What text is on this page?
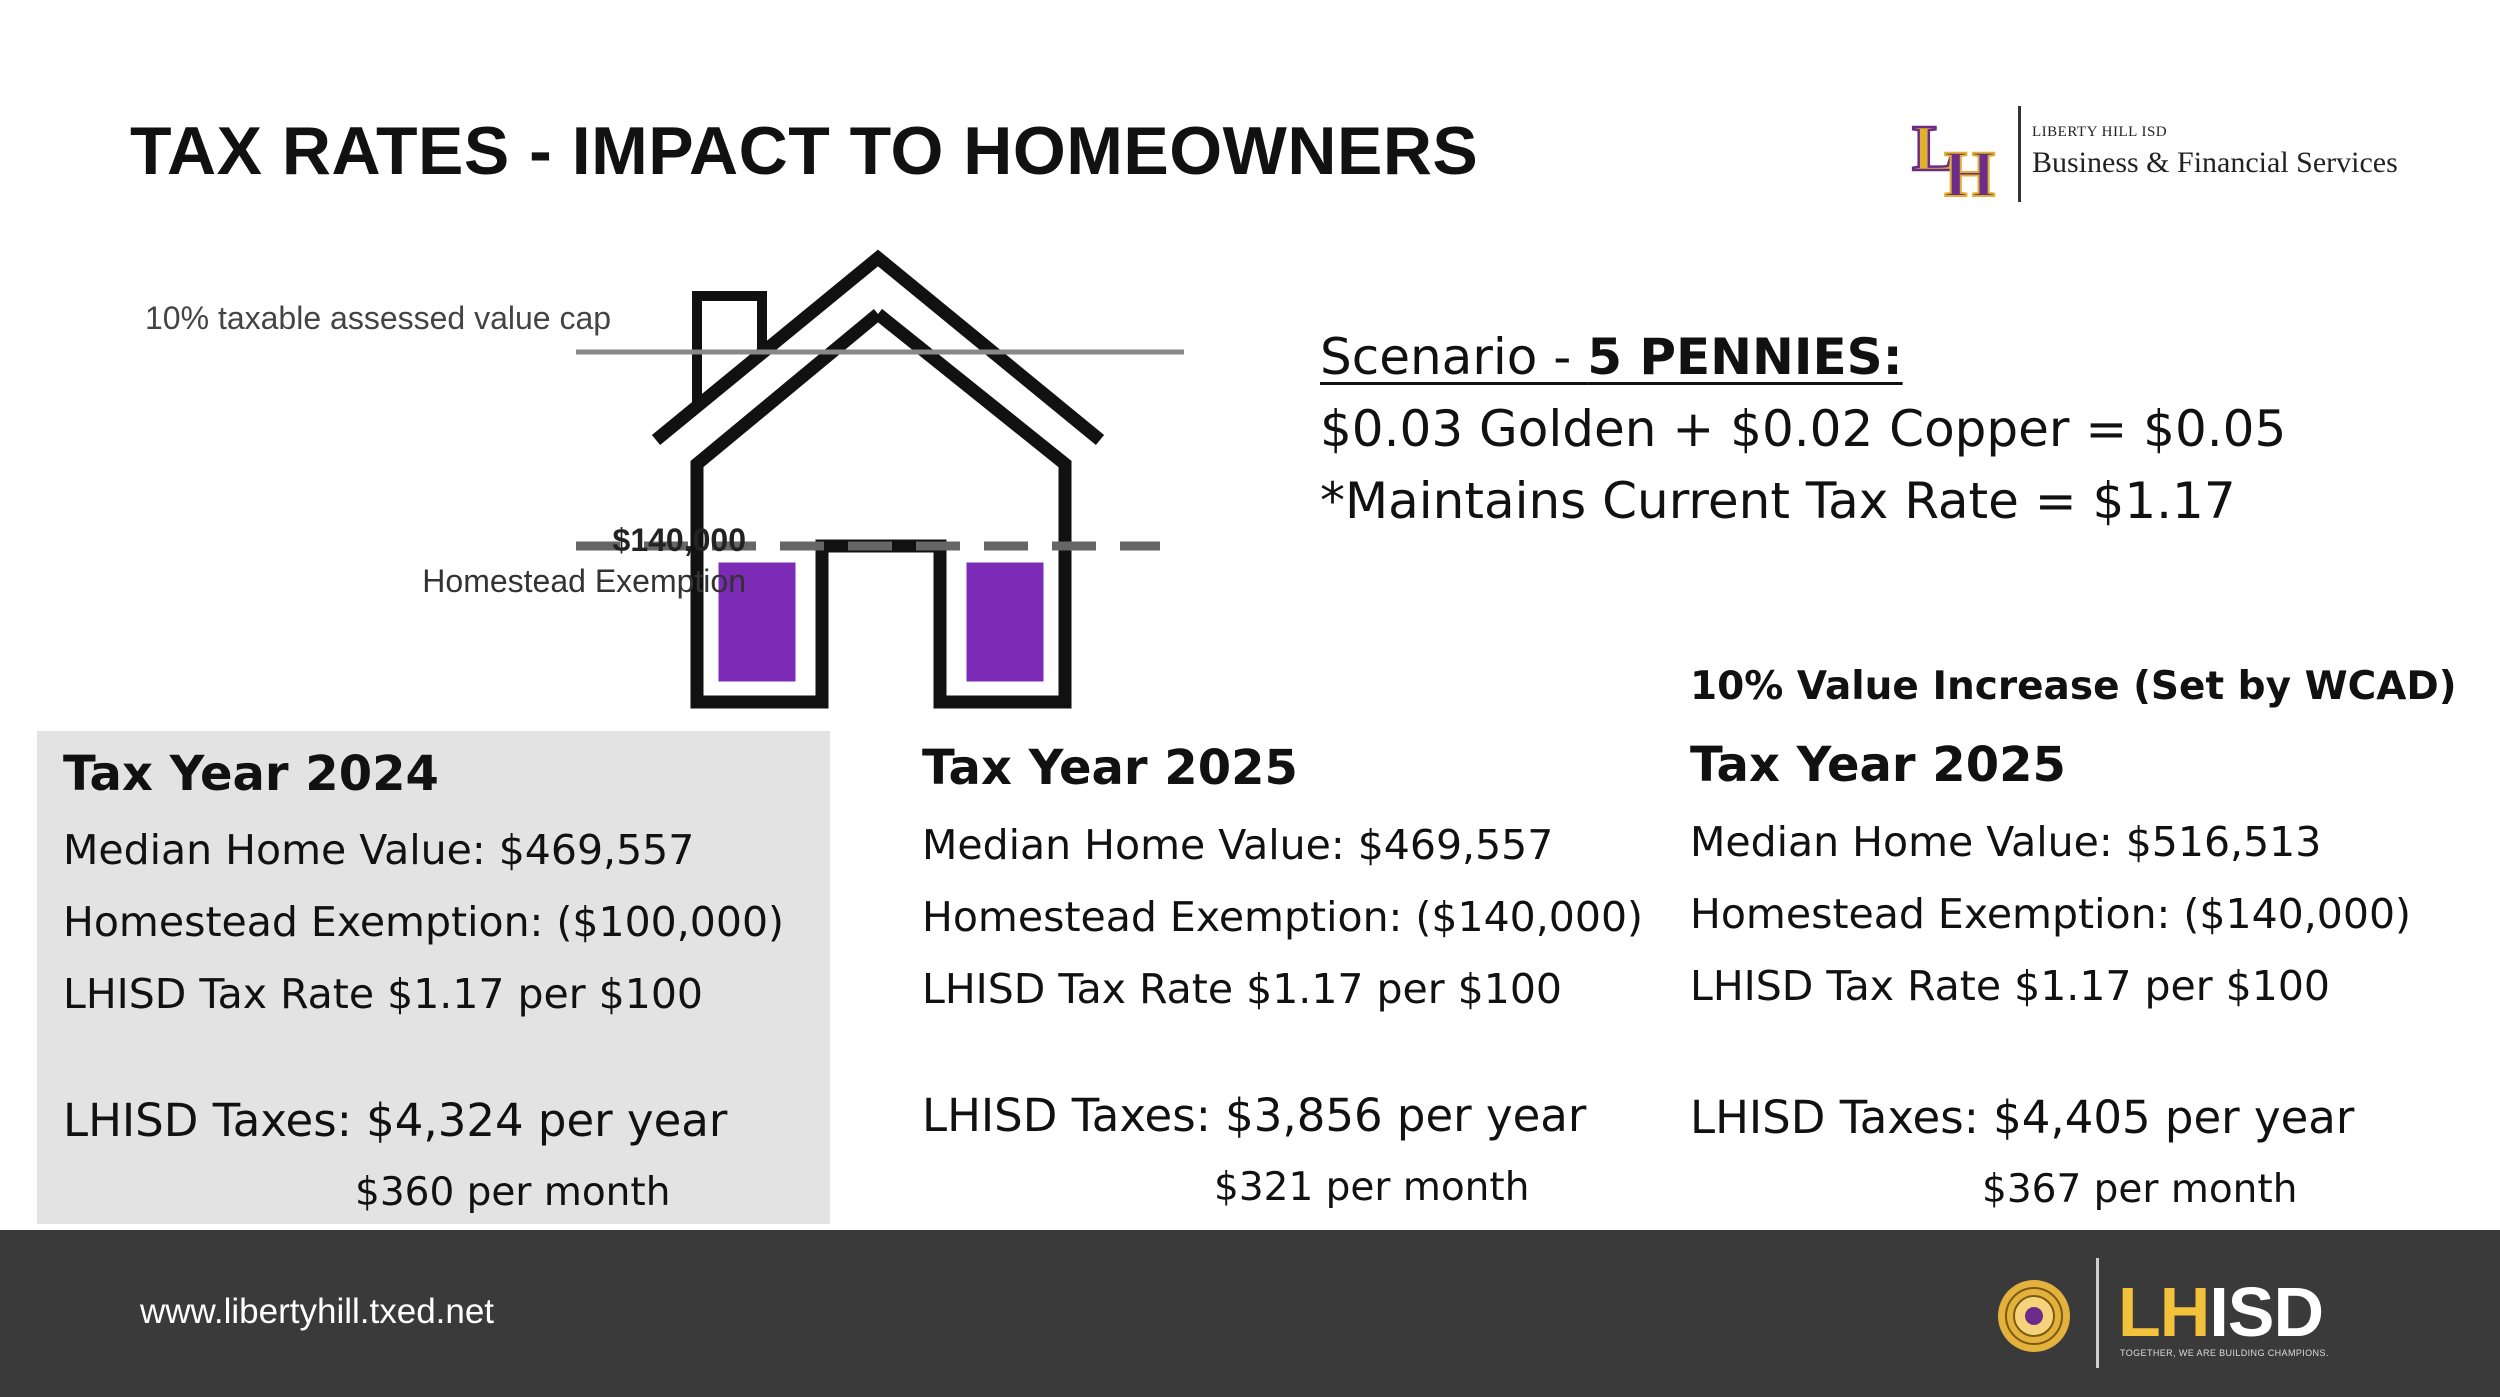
TAX RATES - IMPACT TO HOMEOWNERS	L
H
LIBERTY HILL ISD
Business & Financial Services
10% taxable assessed value cap
$140,000
Homestead Exemption
Scenario - 5 PENNIES:
$0.03 Golden + $0.02 Copper = $0.05
*Maintains Current Tax Rate = $1.17
Tax Year 2024
Median Home Value: $469,557
Homestead Exemption: ($100,000)
LHISD Tax Rate $1.17 per $100
LHISD Taxes: $4,324 per year
$360 per month
Tax Year 2025
Median Home Value: $469,557
Homestead Exemption: ($140,000)
LHISD Tax Rate $1.17 per $100
LHISD Taxes: $3,856 per year
$321 per month
10% Value Increase (Set by WCAD)
Tax Year 2025
Median Home Value: $516,513
Homestead Exemption: ($140,000)
LHISD Tax Rate $1.17 per $100
LHISD Taxes: $4,405 per year
$367 per month
www.libertyhill.txed.net	LHISD
TOGETHER, WE ARE BUILDING CHAMPIONS.
